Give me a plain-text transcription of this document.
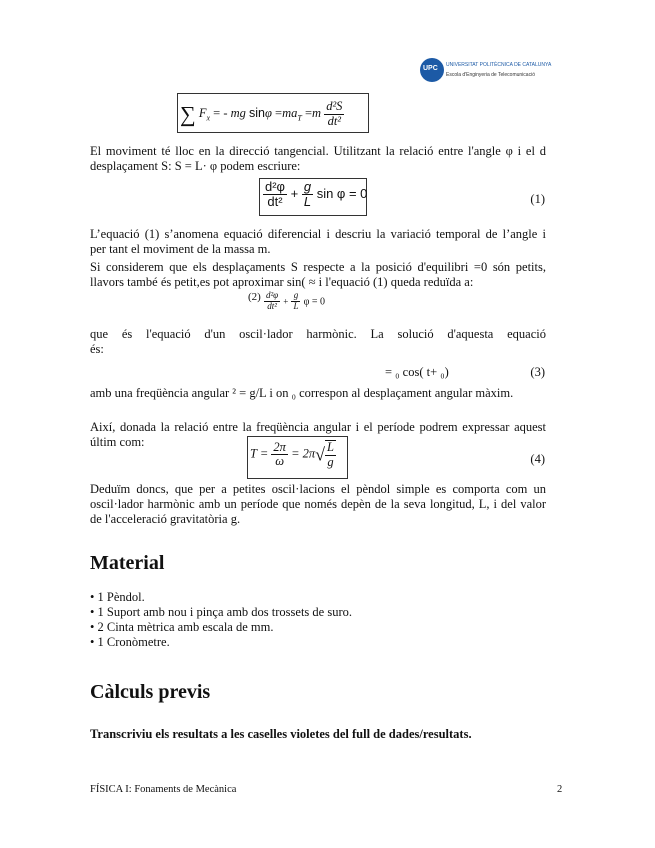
UPC UNIVERSITAT POLITÈCNICA DE CATALUNYA
Escola d'Enginyeria de Telecomunicació
∑ $F_x$ = - mg $\sin\varphi =ma_T =m \frac{\text{d²S}}{\text{dt²}}$
El moviment té lloc en la direcció tangencial. Utilitzant la relació entre l'angle φ i el d
desplaçament S: S = L· φ podem escriure:
$\frac{\text{d²φ}}{\text{dt²}} + \frac{g}{L}$ sin φ = 0	(1)
L’equació (1) s’anomena equació diferencial i descriu la variació temporal de l’angle i
per tant el moviment de la massa m.
Si considerem que els desplaçaments S respecte a la posició d'equilibri =0 són petits,
llavors també és petit,es pot aproximar sin( ≈ i l'equació (1) queda reduïda a:
$(2) \frac{\text{d²φ}}{\text{dt²}} + \frac{g}{L}$ φ = 0
que és l'equació d'un oscil·lador harmònic. La solució d'aquesta equació
és:
= ₀ cos( t+ ₀)	(3)
amb una freqüència angular ² = g/L i on ₀ correspon al desplaçament angular màxim.
Així, donada la relació entre la freqüència angular i el període podrem expressar aquest
últim com:
$T = \frac{2\pi}{\omega} = 2\pi√ \frac{L}{g}$	(4)
Deduïm doncs, que per a petites oscil·lacions el pèndol simple es comporta com un
oscil·lador harmònic amb un període que només depèn de la seva longitud, L, i del valor
de l'acceleració gravitatòria g.
Material
• 1 Pèndol.
• 1 Suport amb nou i pinça amb dos trossets de suro.
• 2 Cinta mètrica amb escala de mm.
• 1 Cronòmetre.
Càlculs previs
Transcriviu els resultats a les caselles violetes del full de dades/resultats.
FÍSICA I: Fonaments de Mecànica	2
